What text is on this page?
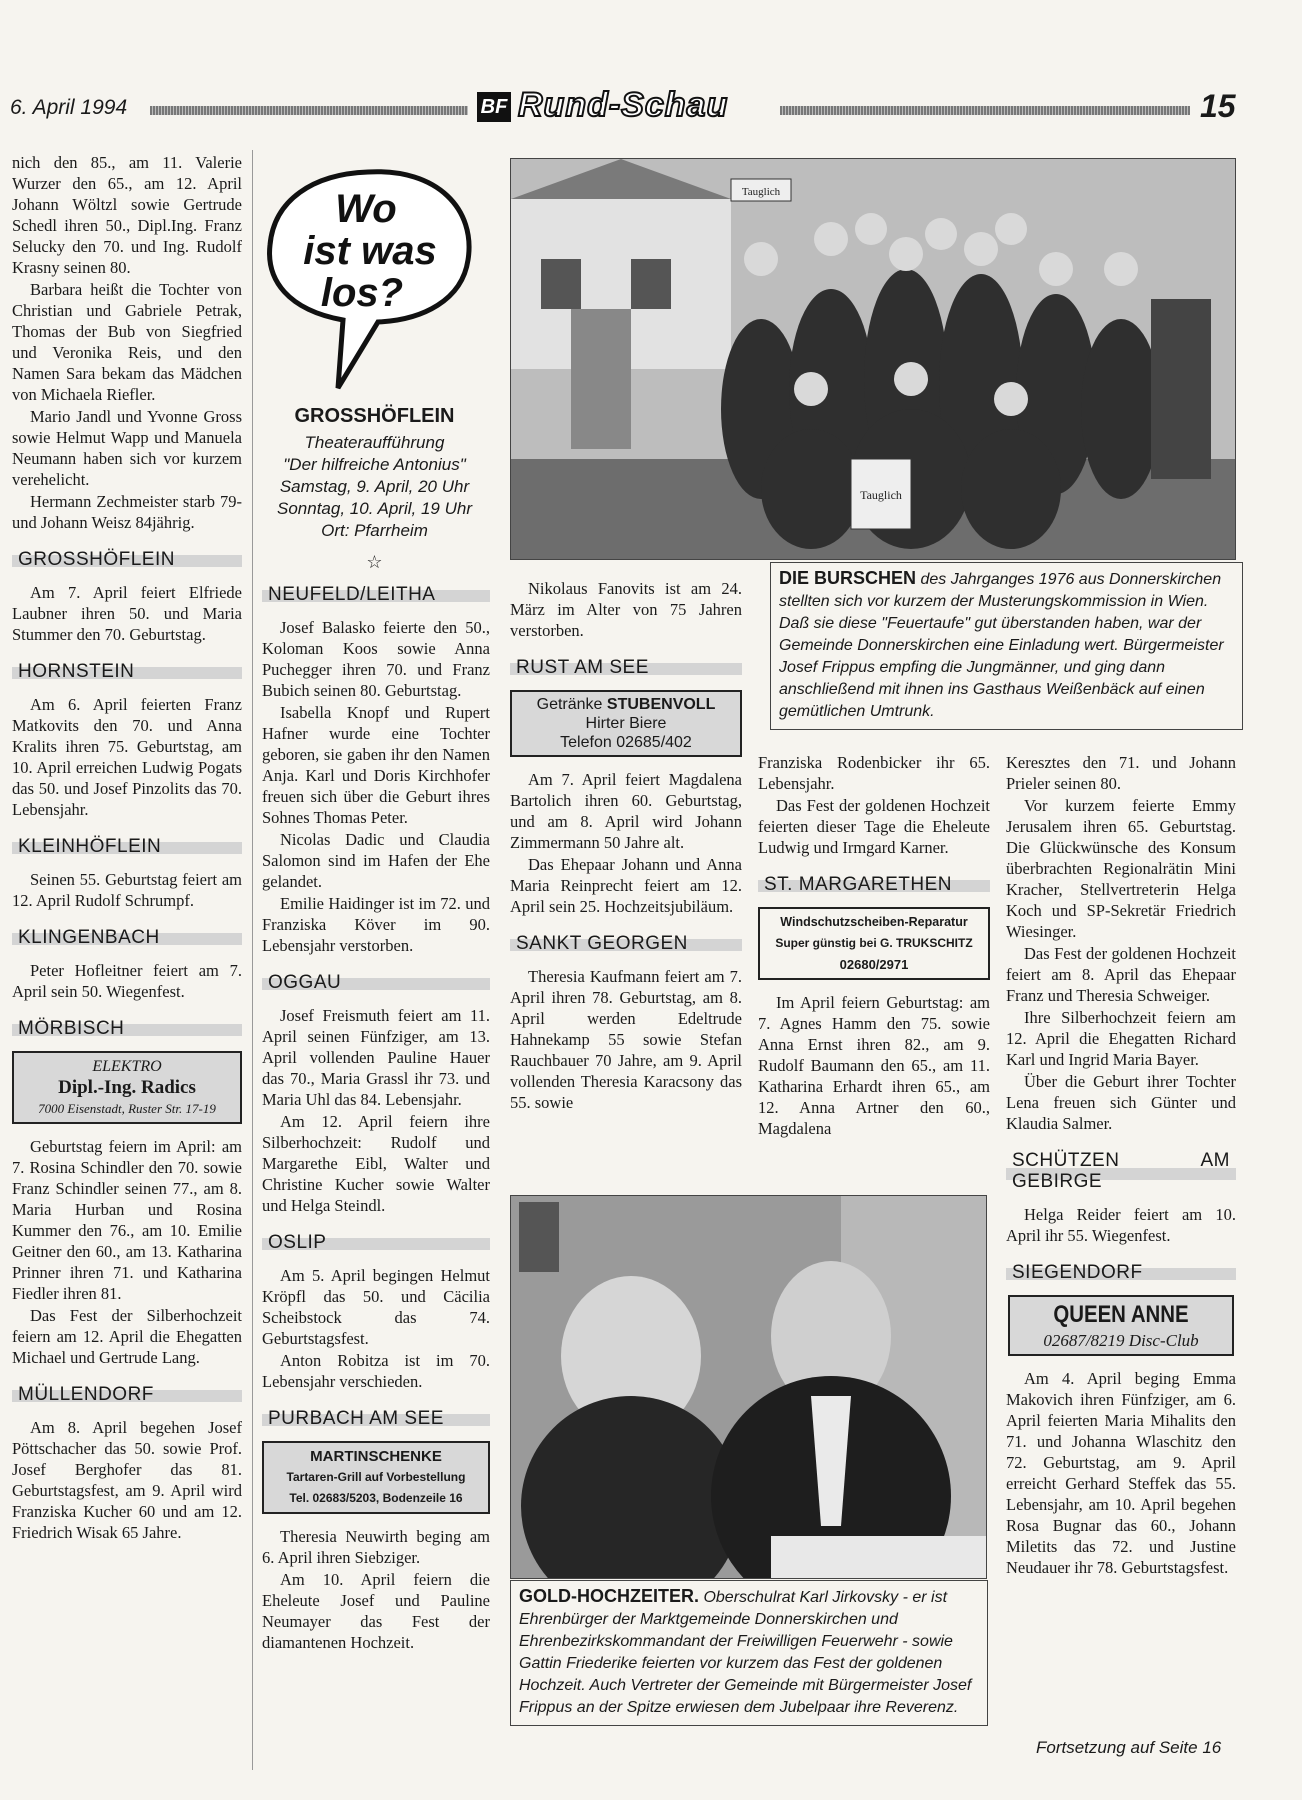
6. April 1994	BF Rund-Schau	15

nich den 85., am 11. Valerie Wurzer den 65., am 12. April Johann Wöltzl sowie Gertrude Schedl ihren 50., Dipl.Ing. Franz Selucky den 70. und Ing. Rudolf Krasny seinen 80.

Barbara heißt die Tochter von Christian und Gabriele Petrak, Thomas der Bub von Siegfried und Veronika Reis, und den Namen Sara bekam das Mädchen von Michaela Riefler.

Mario Jandl und Yvonne Gross sowie Helmut Wapp und Manuela Neumann haben sich vor kurzem verehelicht.

Hermann Zechmeister starb 79- und Johann Weisz 84jährig.

GROSSHÖFLEIN

Am 7. April feiert Elfriede Laubner ihren 50. und Maria Stummer den 70. Geburtstag.

HORNSTEIN

Am 6. April feierten Franz Matkovits den 70. und Anna Kralits ihren 75. Geburtstag, am 10. April erreichen Ludwig Pogats das 50. und Josef Pinzolits das 70. Lebensjahr.

KLEINHÖFLEIN

Seinen 55. Geburtstag feiert am 12. April Rudolf Schrumpf.

KLINGENBACH

Peter Hofleitner feiert am 7. April sein 50. Wiegenfest.

MÖRBISCH
ELEKTRO
Dipl.-Ing. Radics
7000 Eisenstadt, Ruster Str. 17-19

Geburtstag feiern im April: am 7. Rosina Schindler den 70. sowie Franz Schindler seinen 77., am 8. Maria Hurban und Rosina Kummer den 76., am 10. Emilie Geitner den 60., am 13. Katharina Prinner ihren 71. und Katharina Fiedler ihren 81.

Das Fest der Silberhochzeit feiern am 12. April die Ehegatten Michael und Gertrude Lang.

MÜLLENDORF

Am 8. April begehen Josef Pöttschacher das 50. sowie Prof. Josef Berghofer das 81. Geburtstagsfest, am 9. April wird Franziska Kucher 60 und am 12. Friedrich Wisak 65 Jahre.

Wo
ist was
los?
GROSSHÖFLEIN
Theateraufführung
"Der hilfreiche Antonius"
Samstag, 9. April, 20 Uhr
Sonntag, 10. April, 19 Uhr
Ort: Pfarrheim
☆
NEUFELD/LEITHA

Josef Balasko feierte den 50., Koloman Koos sowie Anna Puchegger ihren 70. und Franz Bubich seinen 80. Geburtstag.

Isabella Knopf und Rupert Hafner wurde eine Tochter geboren, sie gaben ihr den Namen Anja. Karl und Doris Kirchhofer freuen sich über die Geburt ihres Sohnes Thomas Peter.

Nicolas Dadic und Claudia Salomon sind im Hafen der Ehe gelandet.

Emilie Haidinger ist im 72. und Franziska Köver im 90. Lebensjahr verstorben.

OGGAU

Josef Freismuth feiert am 11. April seinen Fünfziger, am 13. April vollenden Pauline Hauer das 70., Maria Grassl ihr 73. und Maria Uhl das 84. Lebensjahr.

Am 12. April feiern ihre Silberhochzeit: Rudolf und Margarethe Eibl, Walter und Christine Kucher sowie Walter und Helga Steindl.

OSLIP

Am 5. April begingen Helmut Kröpfl das 50. und Cäcilia Scheibstock das 74. Geburtstagsfest.

Anton Robitza ist im 70. Lebensjahr verschieden.

PURBACH AM SEE
MARTINSCHENKE
Tartaren-Grill auf Vorbestellung
Tel. 02683/5203, Bodenzeile 16

Theresia Neuwirth beging am 6. April ihren Siebziger.

Am 10. April feiern die Eheleute Josef und Pauline Neumayer das Fest der diamantenen Hochzeit.

Tauglich
Tauglich
DIE BURSCHEN des Jahrganges 1976 aus Donnerskirchen stellten sich vor kurzem der Musterungskommission in Wien. Daß sie diese "Feuertaufe" gut überstanden haben, war der Gemeinde Donnerskirchen eine Einladung wert. Bürgermeister Josef Frippus empfing die Jungmänner, und ging dann anschließend mit ihnen ins Gasthaus Weißenbäck auf einen gemütlichen Umtrunk.

Nikolaus Fanovits ist am 24. März im Alter von 75 Jahren verstorben.

RUST AM SEE
Getränke STUBENVOLL
Hirter Biere
Telefon 02685/402

Am 7. April feiert Magdalena Bartolich ihren 60. Geburtstag, und am 8. April wird Johann Zimmermann 50 Jahre alt.

Das Ehepaar Johann und Anna Maria Reinprecht feiert am 12. April sein 25. Hochzeitsjubiläum.

SANKT GEORGEN

Theresia Kaufmann feiert am 7. April ihren 78. Geburtstag, am 8. April werden Edeltrude Hahnekamp 55 sowie Stefan Rauchbauer 70 Jahre, am 9. April vollenden Theresia Karacsony das 55. sowie

Franziska Rodenbicker ihr 65. Lebensjahr.

Das Fest der goldenen Hochzeit feierten dieser Tage die Eheleute Ludwig und Irmgard Karner.

ST. MARGARETHEN
Windschutzscheiben-Reparatur
Super günstig bei G. TRUKSCHITZ
02680/2971

Im April feiern Geburtstag: am 7. Agnes Hamm den 75. sowie Anna Ernst ihren 82., am 9. Rudolf Baumann den 65., am 11. Katharina Erhardt ihren 65., am 12. Anna Artner den 60., Magdalena

Keresztes den 71. und Johann Prieler seinen 80.

Vor kurzem feierte Emmy Jerusalem ihren 65. Geburtstag. Die Glückwünsche des Konsum überbrachten Regionalrätin Mini Kracher, Stellvertreterin Helga Koch und SP-Sekretär Friedrich Wiesinger.

Das Fest der goldenen Hochzeit feiert am 8. April das Ehepaar Franz und Theresia Schweiger.

Ihre Silberhochzeit feiern am 12. April die Ehegatten Richard Karl und Ingrid Maria Bayer.

Über die Geburt ihrer Tochter Lena freuen sich Günter und Klaudia Salmer.

SCHÜTZEN AM GEBIRGE

Helga Reider feiert am 10. April ihr 55. Wiegenfest.

SIEGENDORF
QUEEN ANNE
02687/8219 Disc-Club

Am 4. April beging Emma Makovich ihren Fünfziger, am 6. April feierten Maria Mihalits den 71. und Johanna Wlaschitz den 72. Geburtstag, am 9. April erreicht Gerhard Steffek das 55. Lebensjahr, am 10. April begehen Rosa Bugnar das 60., Johann Miletits das 72. und Justine Neudauer ihr 78. Geburtstagsfest.

Fortsetzung auf Seite 16
GOLD-HOCHZEITER. Oberschulrat Karl Jirkovsky - er ist Ehrenbürger der Marktgemeinde Donnerskirchen und Ehrenbezirkskommandant der Freiwilligen Feuerwehr - sowie Gattin Friederike feierten vor kurzem das Fest der goldenen Hochzeit. Auch Vertreter der Gemeinde mit Bürgermeister Josef Frippus an der Spitze erwiesen dem Jubelpaar ihre Reverenz.
